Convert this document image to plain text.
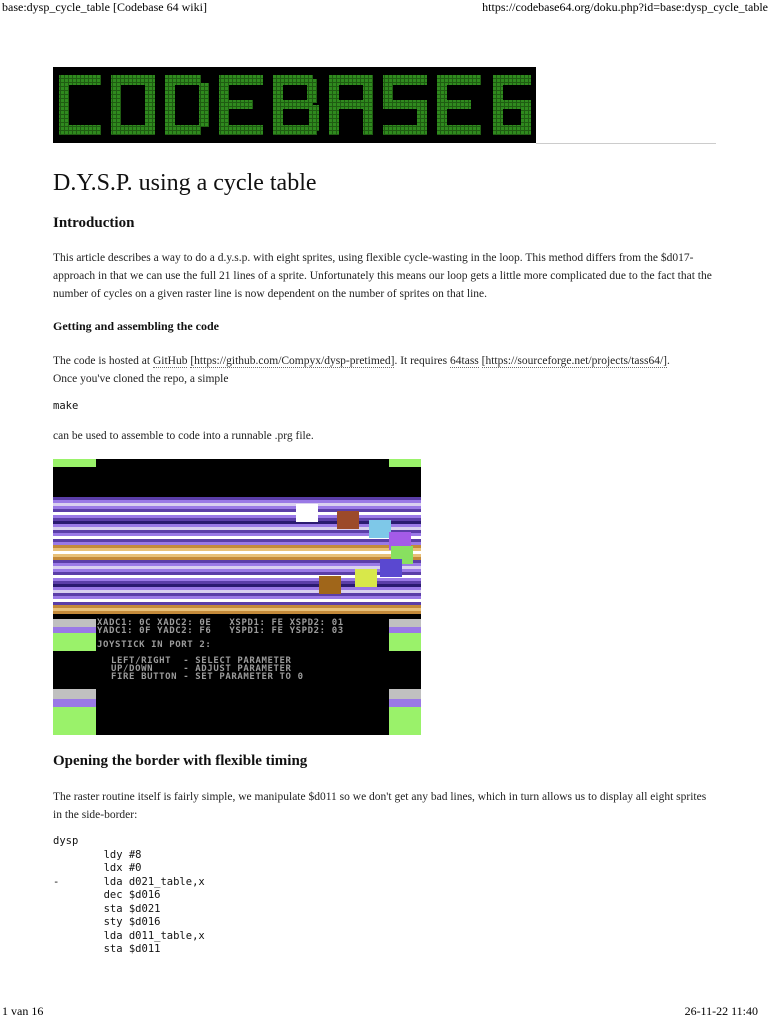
base:dysp_cycle_table [Codebase 64 wiki]	https://codebase64.org/doku.php?id=base:dysp_cycle_table
CODEBASE 64
D.Y.S.P. using a cycle table
Introduction

This article describes a way to do a d.y.s.p. with eight sprites, using flexible cycle-wasting in the loop. This method differs from the $d017-approach in that we can use the full 21 lines of a sprite. Unfortunately this means our loop gets a little more complicated due to the fact that the number of cycles on a given raster line is now dependent on the number of sprites on that line.

Getting and assembling the code

The code is hosted at GitHub [https://github.com/Compyx/dysp-pretimed]. It requires 64tass [https://sourceforge.net/projects/tass64/].
Once you've cloned the repo, a simple

make

can be used to assemble to code into a runnable .prg file.

XADC1: 0C XADC2: 0E   XSPD1: FE XSPD2: 01
YADC1: 0F YADC2: F6   YSPD1: FE YSPD2: 03
JOYSTICK IN PORT 2:
LEFT/RIGHT  - SELECT PARAMETER
UP/DOWN     - ADJUST PARAMETER
FIRE BUTTON - SET PARAMETER TO 0
Opening the border with flexible timing

The raster routine itself is fairly simple, we manipulate $d011 so we don't get any bad lines, which in turn allows us to display all eight sprites in the side-border:

dysp
ldy #8
ldx #0
-       lda d021_table,x
dec $d016
sta $d021
sty $d016
lda d011_table,x
sta $d011
1 van 16	26-11-22 11:40
